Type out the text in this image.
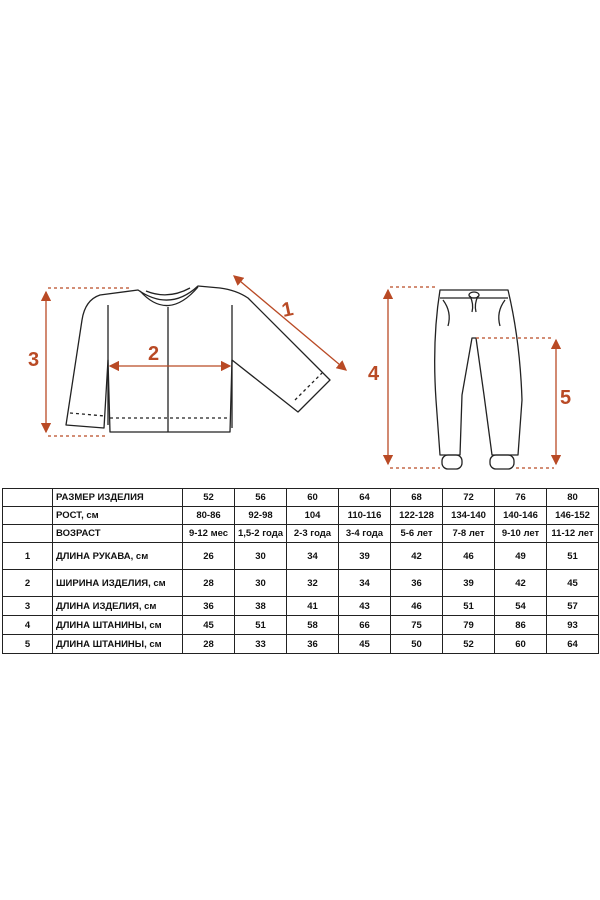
1
2
3
4
5
	РАЗМЕР ИЗДЕЛИЯ	52	56	60	64	68	72	76	80
	РОСТ, см	80-86	92-98	104	110-116	122-128	134-140	140-146	146-152
	ВОЗРАСТ	9-12 мес	1,5-2 года	2-3 года	3-4 года	5-6 лет	7-8 лет	9-10 лет	11-12 лет
1	ДЛИНА РУКАВА, см	26	30	34	39	42	46	49	51
2	ШИРИНА ИЗДЕЛИЯ, см	28	30	32	34	36	39	42	45
3	ДЛИНА ИЗДЕЛИЯ, см	36	38	41	43	46	51	54	57
4	ДЛИНА ШТАНИНЫ, см	45	51	58	66	75	79	86	93
5	ДЛИНА ШТАНИНЫ, см	28	33	36	45	50	52	60	64
